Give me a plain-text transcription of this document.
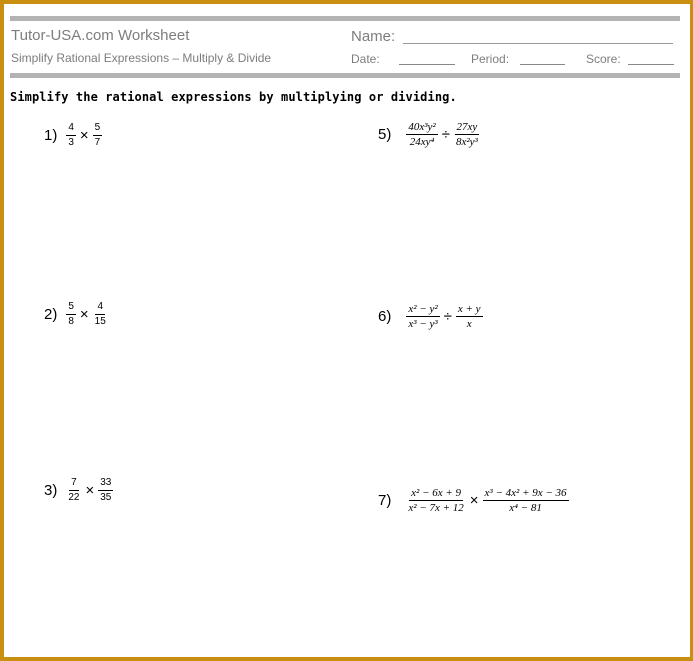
Tutor-USA.com Worksheet
Simplify Rational Expressions – Multiply & Divide
Name:
Date:	Period:	Score:
Simplify the rational expressions by multiplying or dividing.
$1) \frac{4}{3} \times \frac{5}{7}$
$2) \frac{5}{8} \times \frac{4}{15}$
$3) \frac{7}{22} \times \frac{33}{35}$
$5) \frac{\text{40x³y²}}{\text{24xy⁴}} \div \frac{27xy}{\text{8x²y³}}$
$6) \frac{\text{x² − y²}}{\text{x³ − y³}} \div \frac{x + y}{x}$
$7) \frac{\text{x² − 6x + 9}}{\text{x² − 7x + 12}} \times \frac{\text{x³ − 4x² + 9x − 36}}{\text{x⁴ − 81}}$
